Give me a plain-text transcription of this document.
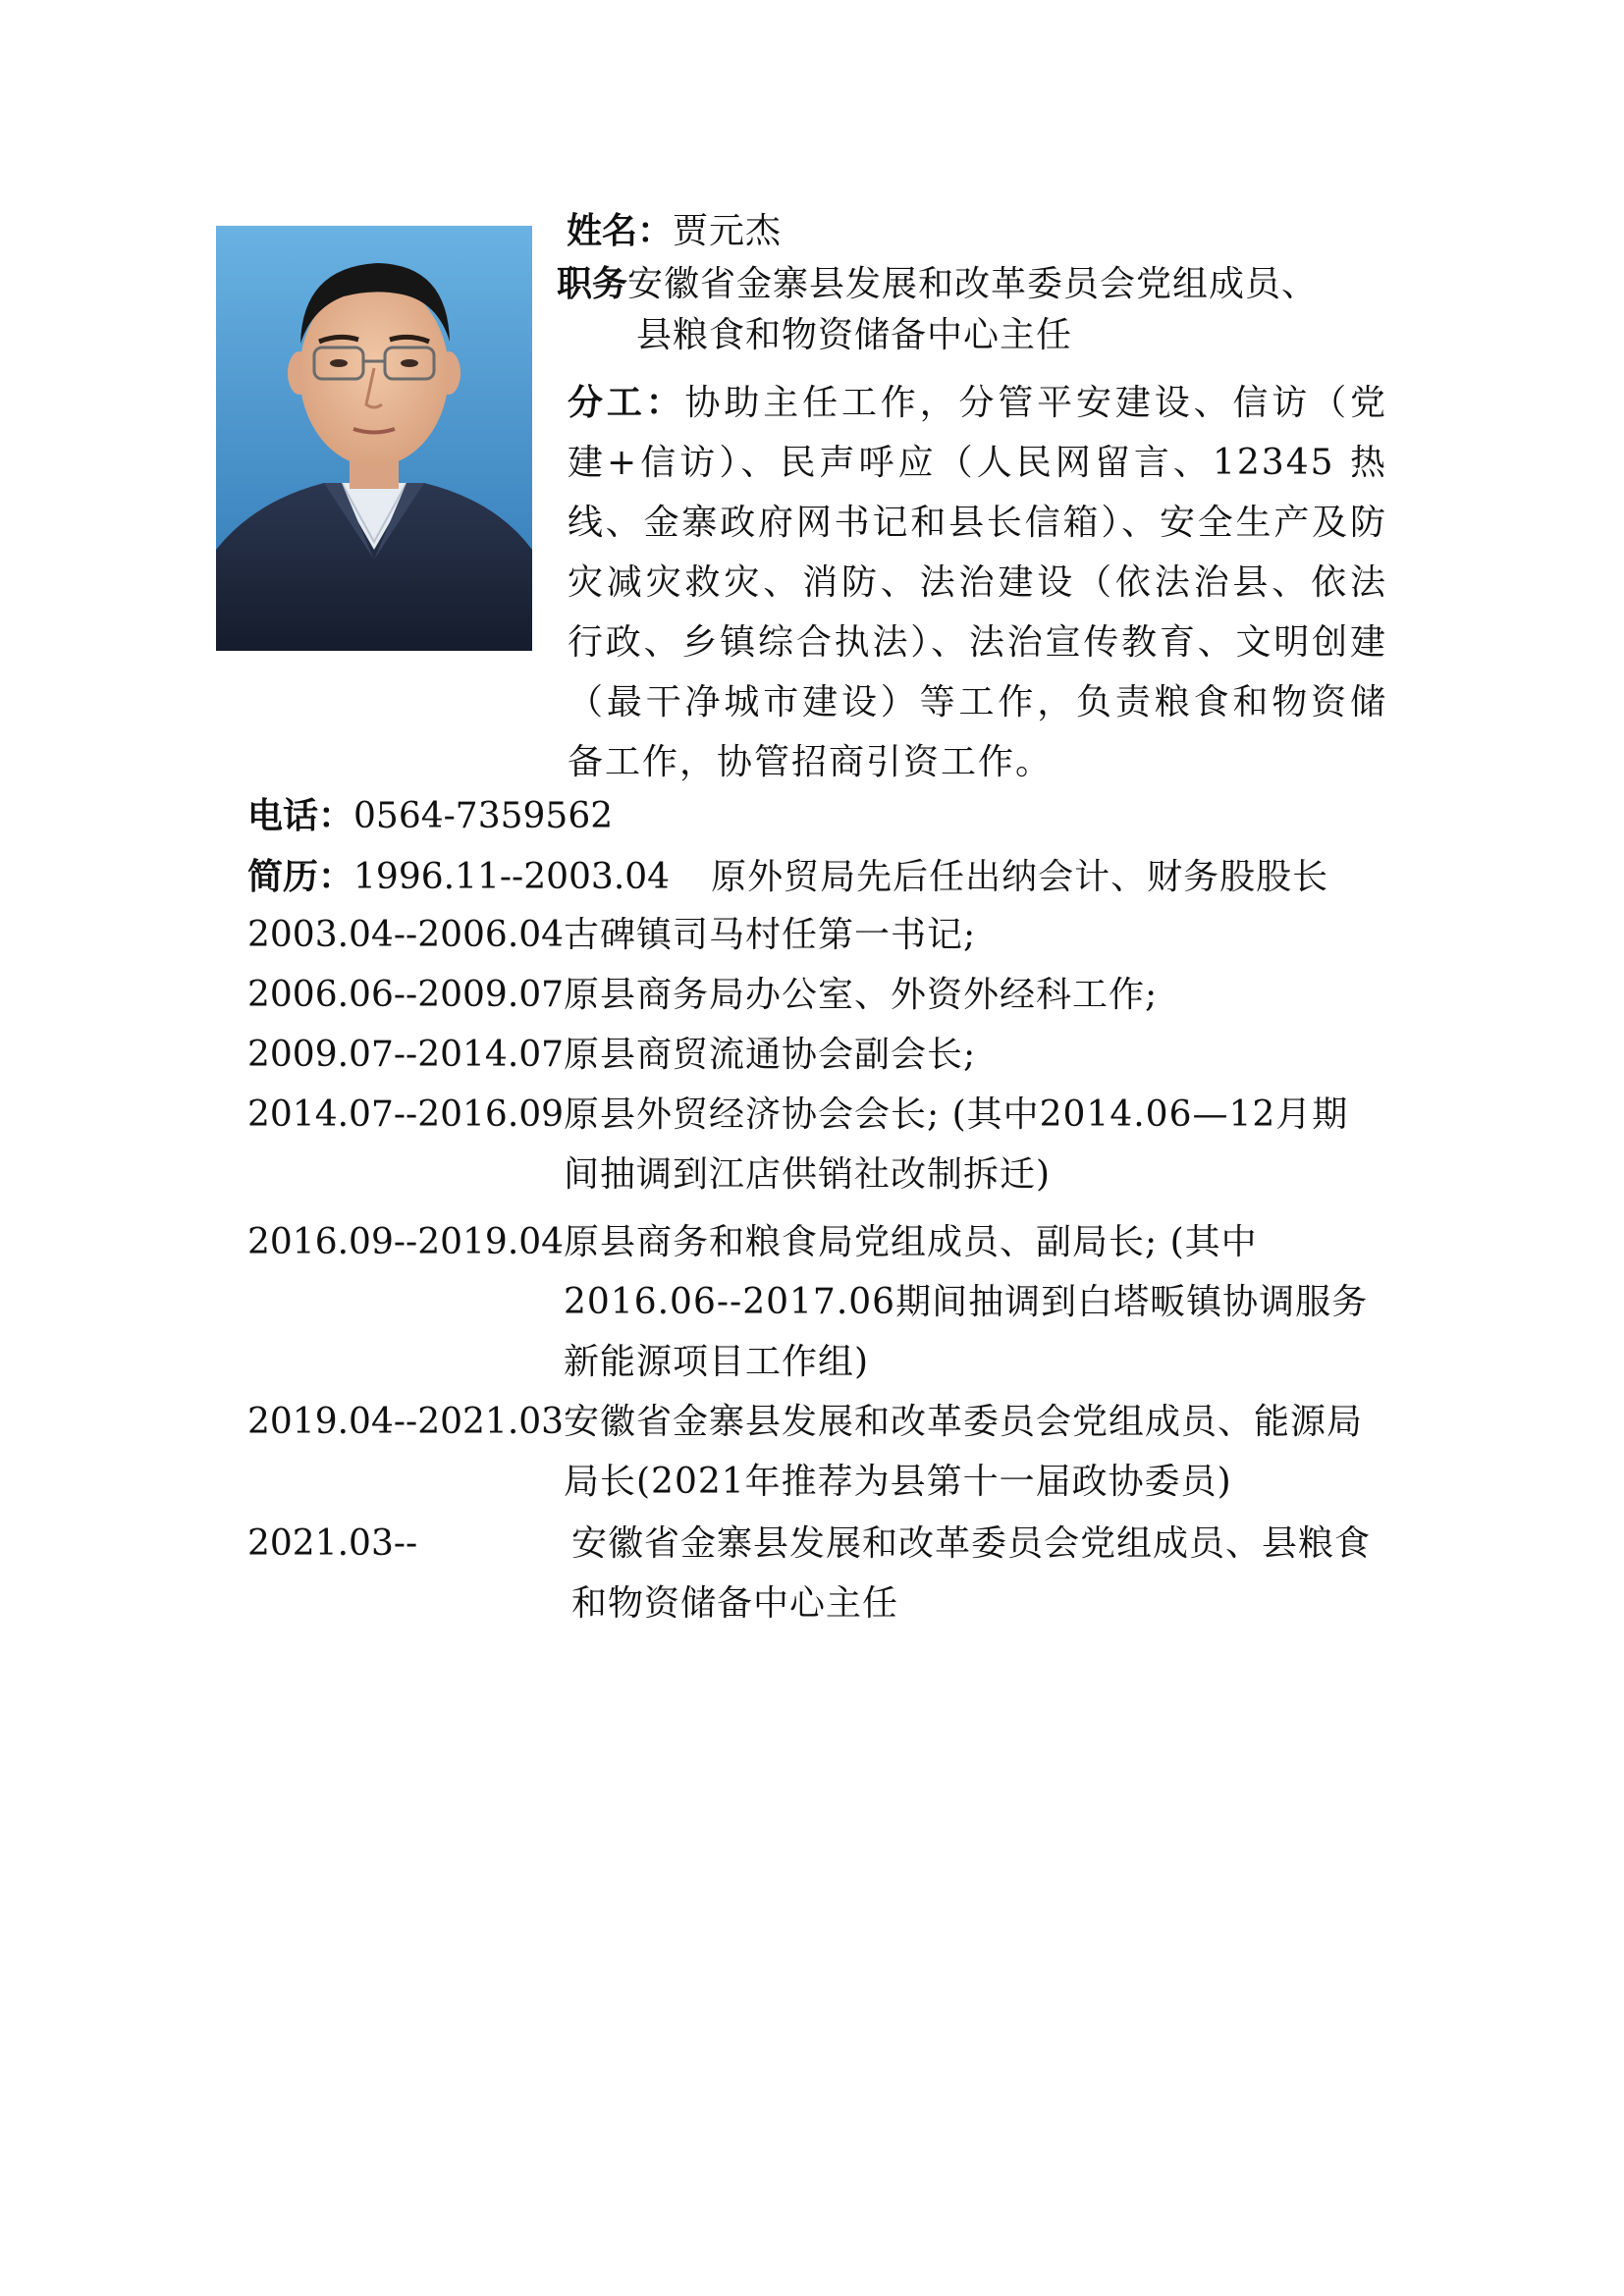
姓名：贾元杰
职务安徽省金寨县发展和改革委员会党组成员、
县粮食和物资储备中心主任
分工：协助主任工作，分管平安建设、信访（党建+信访）、民声呼应（人民网留言、12345 热线、金寨政府网书记和县长信箱）、安全生产及防灾减灾救灾、消防、法治建设（依法治县、依法行政、乡镇综合执法）、法治宣传教育、文明创建（最干净城市建设）等工作，负责粮食和物资储备工作，协管招商引资工作。
电话：0564-7359562
简历：1996.11--2003.04 原外贸局先后任出纳会计、财务股股长
2003.04--2006.04 古碑镇司马村任第一书记;
2006.06--2009.07 原县商务局办公室、外资外经科工作;
2009.07--2014.07 原县商贸流通协会副会长;
2014.07--2016.09 原县外贸经济协会会长; (其中2014.06—12月期间抽调到江店供销社改制拆迁)
2016.09--2019.04 原县商务和粮食局党组成员、副局长; (其中2016.06--2017.06期间抽调到白塔畈镇协调服务新能源项目工作组)
2019.04--2021.03 安徽省金寨县发展和改革委员会党组成员、能源局局长(2021年推荐为县第十一届政协委员)
2021.03--	安徽省金寨县发展和改革委员会党组成员、县粮食和物资储备中心主任
